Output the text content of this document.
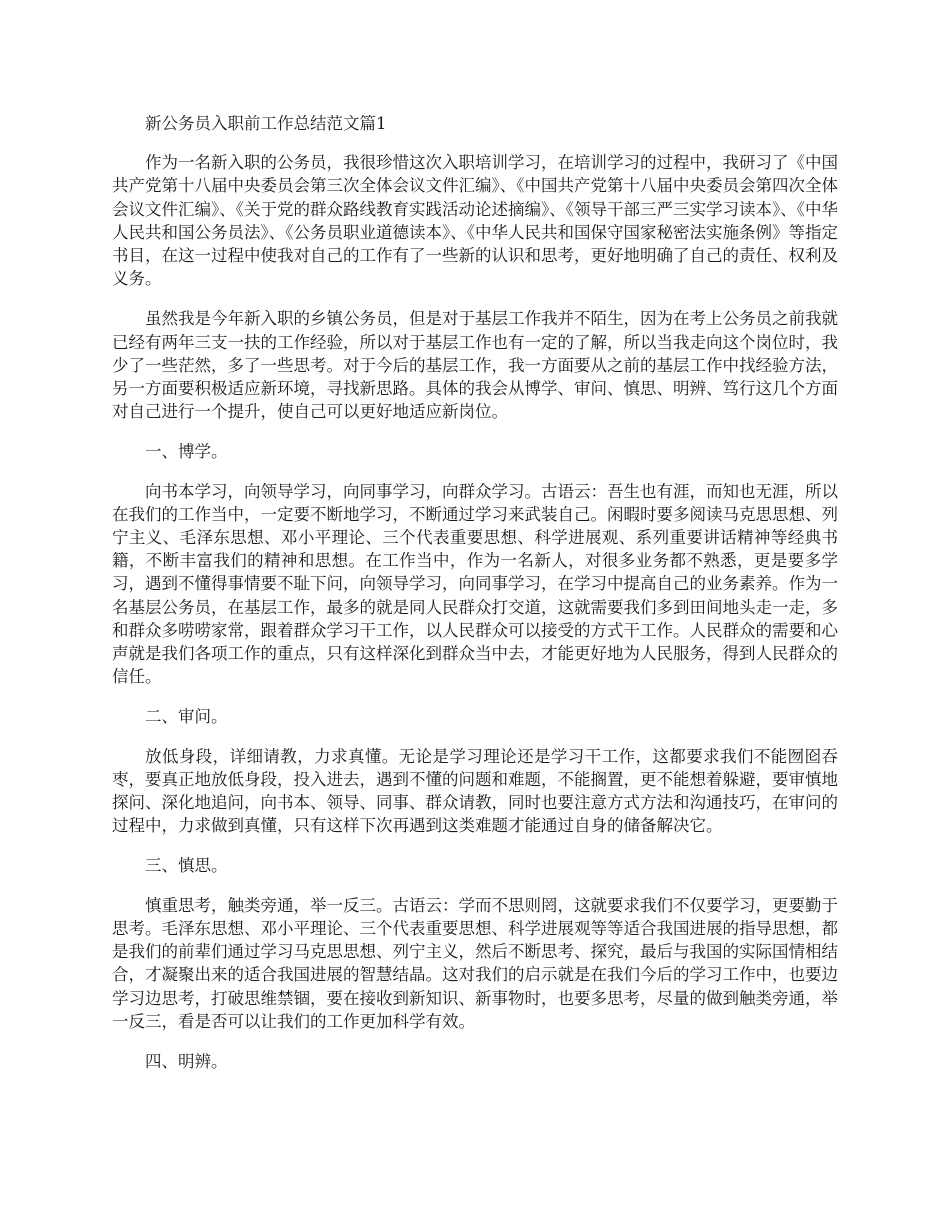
新公务员入职前工作总结范文篇1

作为一名新入职的公务员，我很珍惜这次入职培训学习，在培训学习的过程中，我研习了《中国共产党第十八届中央委员会第三次全体会议文件汇编》、《中国共产党第十八届中央委员会第四次全体会议文件汇编》、《关于党的群众路线教育实践活动论述摘编》、《领导干部三严三实学习读本》、《中华人民共和国公务员法》、《公务员职业道德读本》、《中华人民共和国保守国家秘密法实施条例》等指定书目，在这一过程中使我对自己的工作有了一些新的认识和思考，更好地明确了自己的责任、权利及义务。

虽然我是今年新入职的乡镇公务员，但是对于基层工作我并不陌生，因为在考上公务员之前我就已经有两年三支一扶的工作经验，所以对于基层工作也有一定的了解，所以当我走向这个岗位时，我少了一些茫然，多了一些思考。对于今后的基层工作，我一方面要从之前的基层工作中找经验方法，另一方面要积极适应新环境，寻找新思路。具体的我会从博学、审问、慎思、明辨、笃行这几个方面对自己进行一个提升，使自己可以更好地适应新岗位。

一、博学。

向书本学习，向领导学习，向同事学习，向群众学习。古语云：吾生也有涯，而知也无涯，所以在我们的工作当中，一定要不断地学习，不断通过学习来武装自己。闲暇时要多阅读马克思思想、列宁主义、毛泽东思想、邓小平理论、三个代表重要思想、科学进展观、系列重要讲话精神等经典书籍，不断丰富我们的精神和思想。在工作当中，作为一名新人，对很多业务都不熟悉，更是要多学习，遇到不懂得事情要不耻下问，向领导学习，向同事学习，在学习中提高自己的业务素养。作为一名基层公务员，在基层工作，最多的就是同人民群众打交道，这就需要我们多到田间地头走一走，多和群众多唠唠家常，跟着群众学习干工作，以人民群众可以接受的方式干工作。人民群众的需要和心声就是我们各项工作的重点，只有这样深化到群众当中去，才能更好地为人民服务，得到人民群众的信任。

二、审问。

放低身段，详细请教，力求真懂。无论是学习理论还是学习干工作，这都要求我们不能囫囵吞枣，要真正地放低身段，投入进去，遇到不懂的问题和难题，不能搁置，更不能想着躲避，要审慎地探问、深化地追问，向书本、领导、同事、群众请教，同时也要注意方式方法和沟通技巧，在审问的过程中，力求做到真懂，只有这样下次再遇到这类难题才能通过自身的储备解决它。

三、慎思。

慎重思考，触类旁通，举一反三。古语云：学而不思则罔，这就要求我们不仅要学习，更要勤于思考。毛泽东思想、邓小平理论、三个代表重要思想、科学进展观等等适合我国进展的指导思想，都是我们的前辈们通过学习马克思思想、列宁主义，然后不断思考、探究，最后与我国的实际国情相结合，才凝聚出来的适合我国进展的智慧结晶。这对我们的启示就是在我们今后的学习工作中，也要边学习边思考，打破思维禁锢，要在接收到新知识、新事物时，也要多思考，尽量的做到触类旁通，举一反三，看是否可以让我们的工作更加科学有效。

四、明辨。
